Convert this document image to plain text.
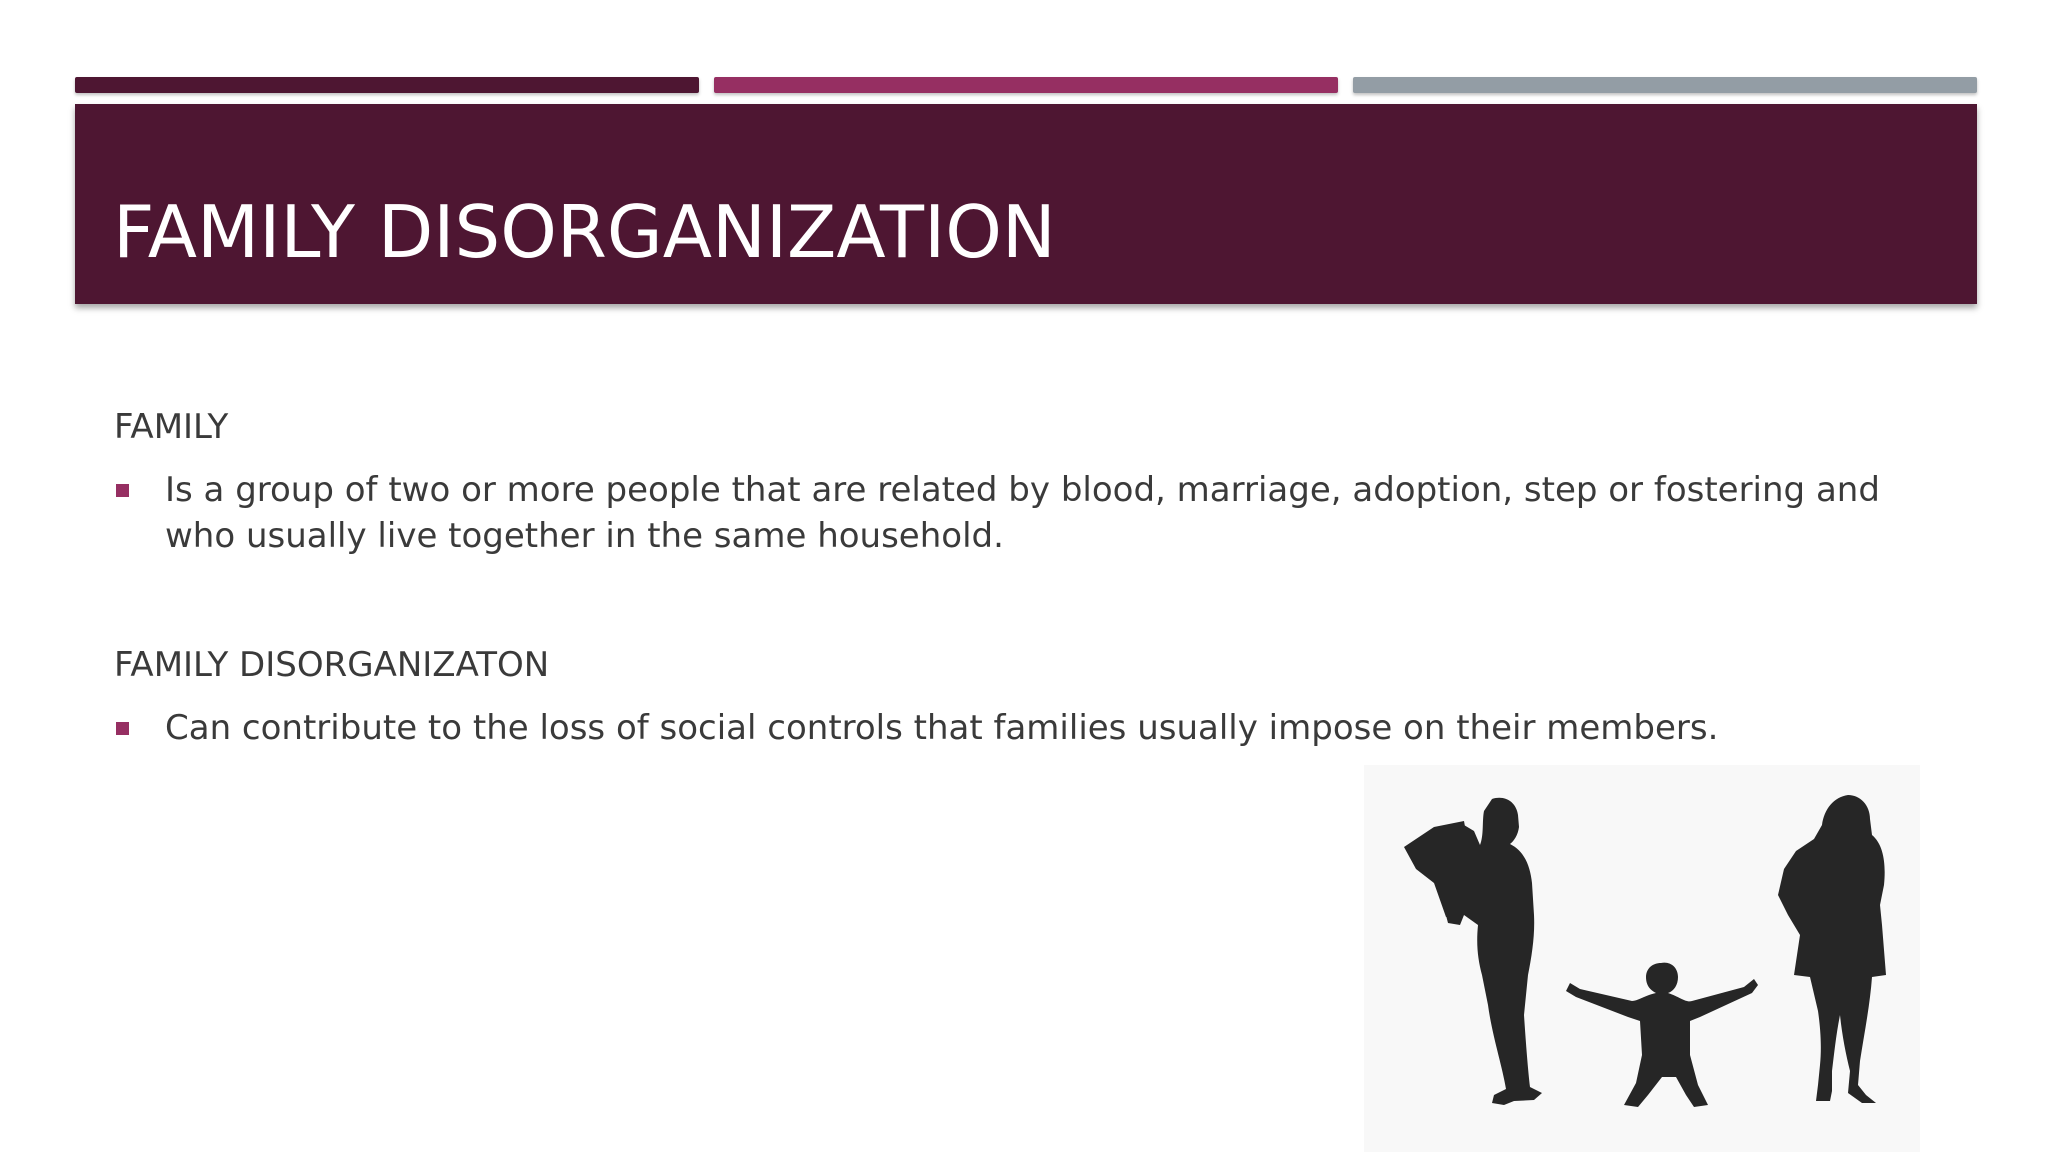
FAMILY DISORGANIZATION

FAMILY

Is a group of two or more people that are related by blood, marriage, adoption, step or fostering and who usually live together in the same household.

FAMILY DISORGANIZATON

Can contribute to the loss of social controls that families usually impose on their members.
